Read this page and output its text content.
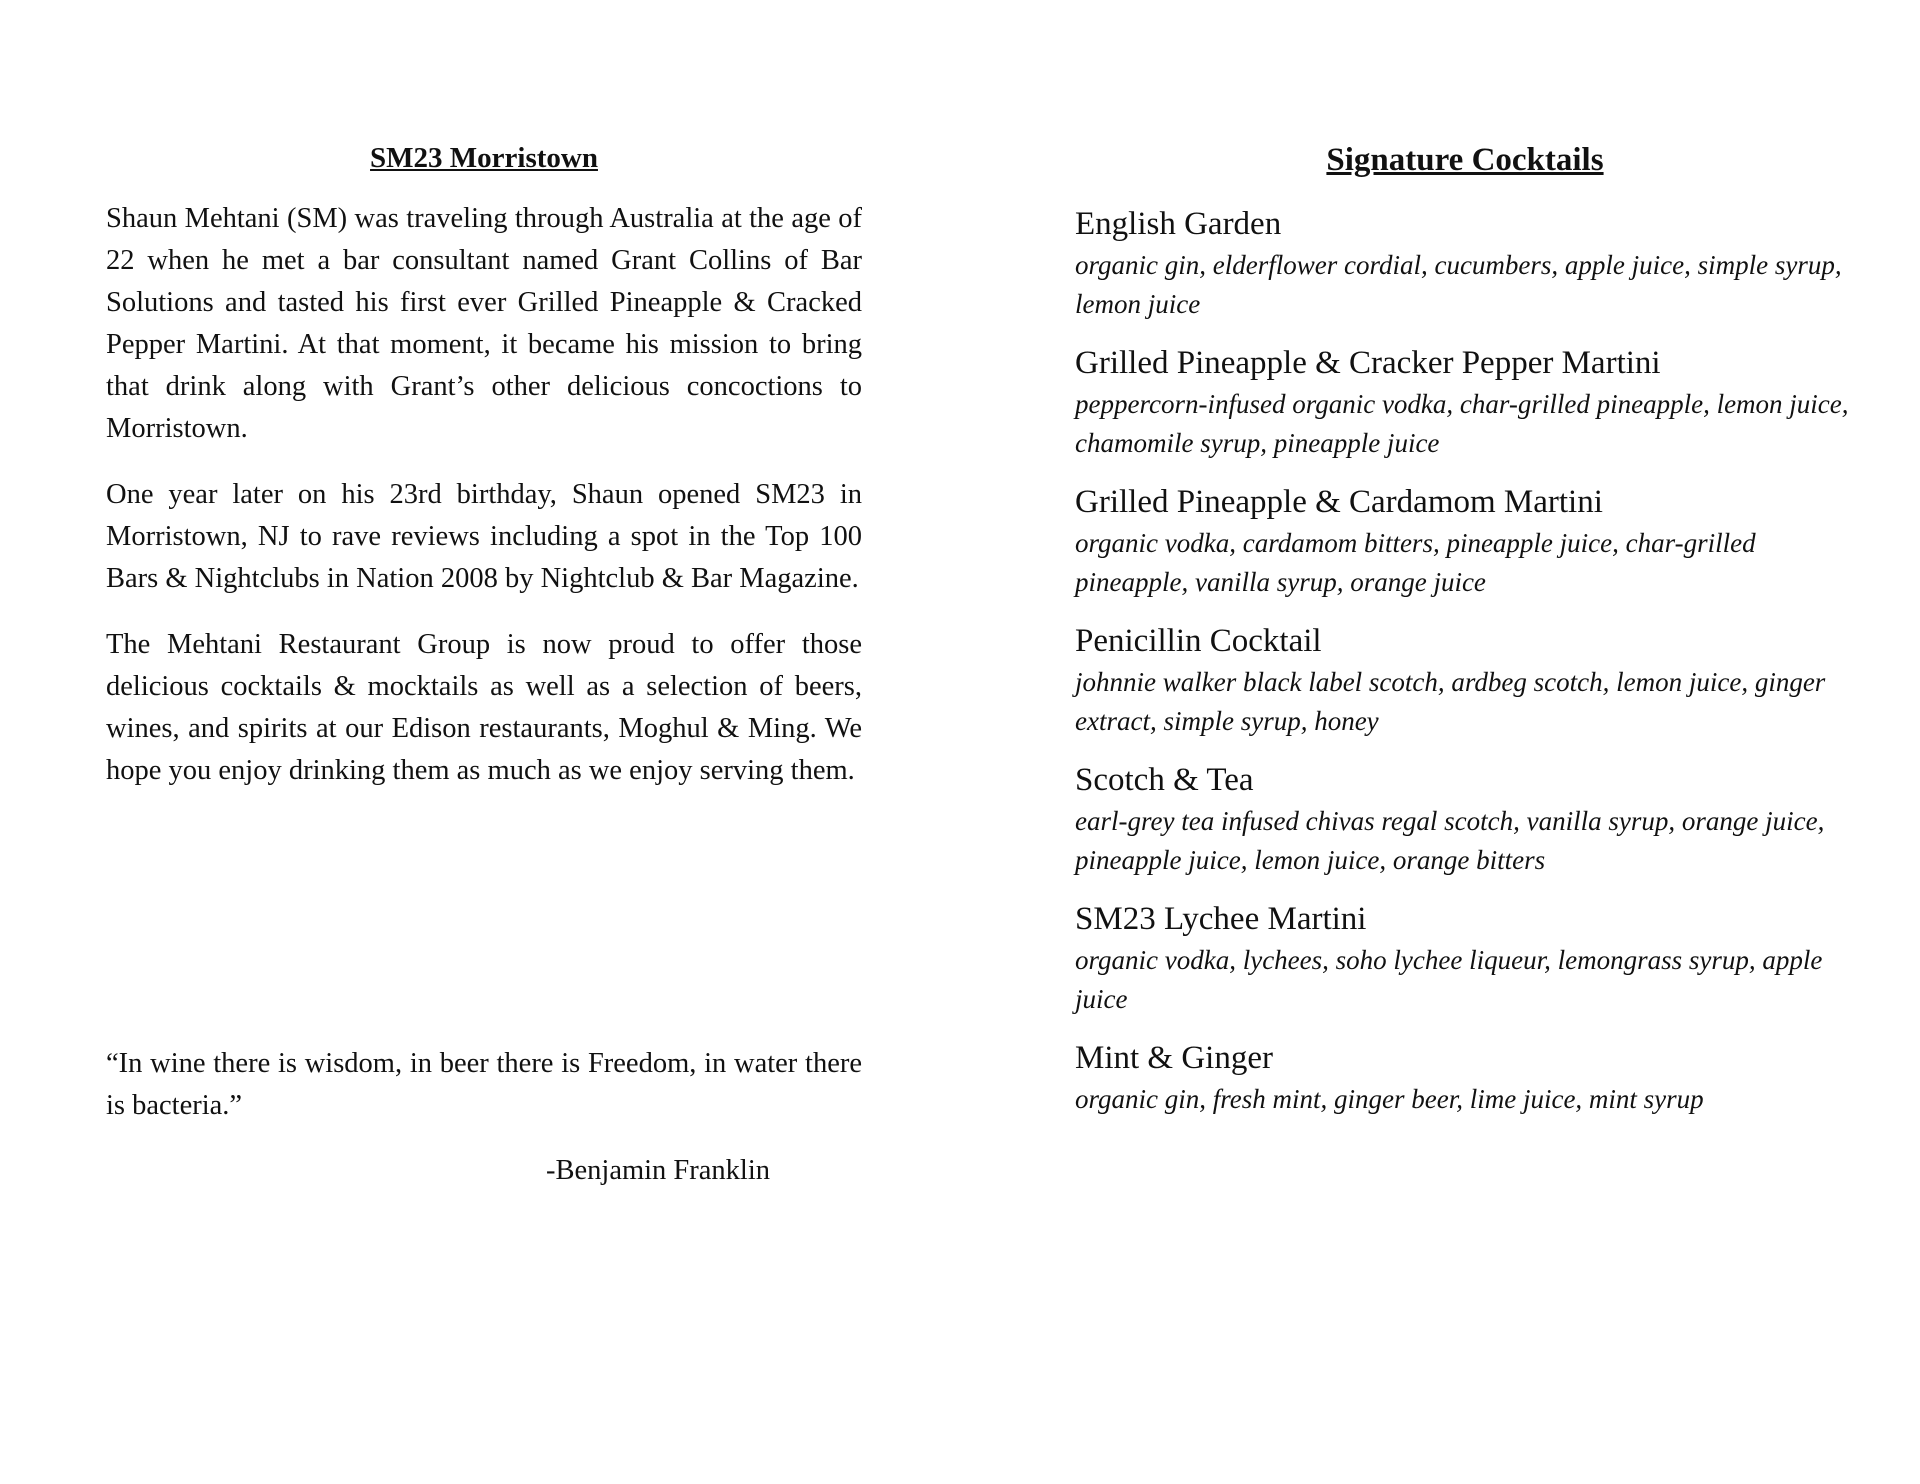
SM23 Morristown

Shaun Mehtani (SM) was traveling through Australia at the age of 22 when he met a bar consultant named Grant Collins of Bar Solutions and tasted his first ever Grilled Pineapple & Cracked Pepper Martini. At that moment, it became his mission to bring that drink along with Grant’s other delicious concoctions to Morristown.

One year later on his 23rd birthday, Shaun opened SM23 in Morristown, NJ to rave reviews including a spot in the Top 100 Bars & Nightclubs in Nation 2008 by Nightclub & Bar Magazine.

The Mehtani Restaurant Group is now proud to offer those delicious cocktails & mocktails as well as a selection of beers, wines, and spirits at our Edison restaurants, Moghul & Ming. We hope you enjoy drinking them as much as we enjoy serving them.

“In wine there is wisdom, in beer there is Freedom, in water there is bacteria.”

-Benjamin Franklin

Signature Cocktails

English Garden

organic gin, elderflower cordial, cucumbers, apple juice, simple syrup, lemon juice

Grilled Pineapple & Cracker Pepper Martini

peppercorn-infused organic vodka, char-grilled pineapple, lemon juice, chamomile syrup, pineapple juice

Grilled Pineapple & Cardamom Martini

organic vodka, cardamom bitters, pineapple juice, char-grilled pineapple, vanilla syrup, orange juice

Penicillin Cocktail

johnnie walker black label scotch, ardbeg scotch, lemon juice, ginger extract, simple syrup, honey

Scotch & Tea

earl-grey tea infused chivas regal scotch, vanilla syrup, orange juice, pineapple juice, lemon juice, orange bitters

SM23 Lychee Martini

organic vodka, lychees, soho lychee liqueur, lemongrass syrup, apple juice

Mint & Ginger

organic gin, fresh mint, ginger beer, lime juice, mint syrup
